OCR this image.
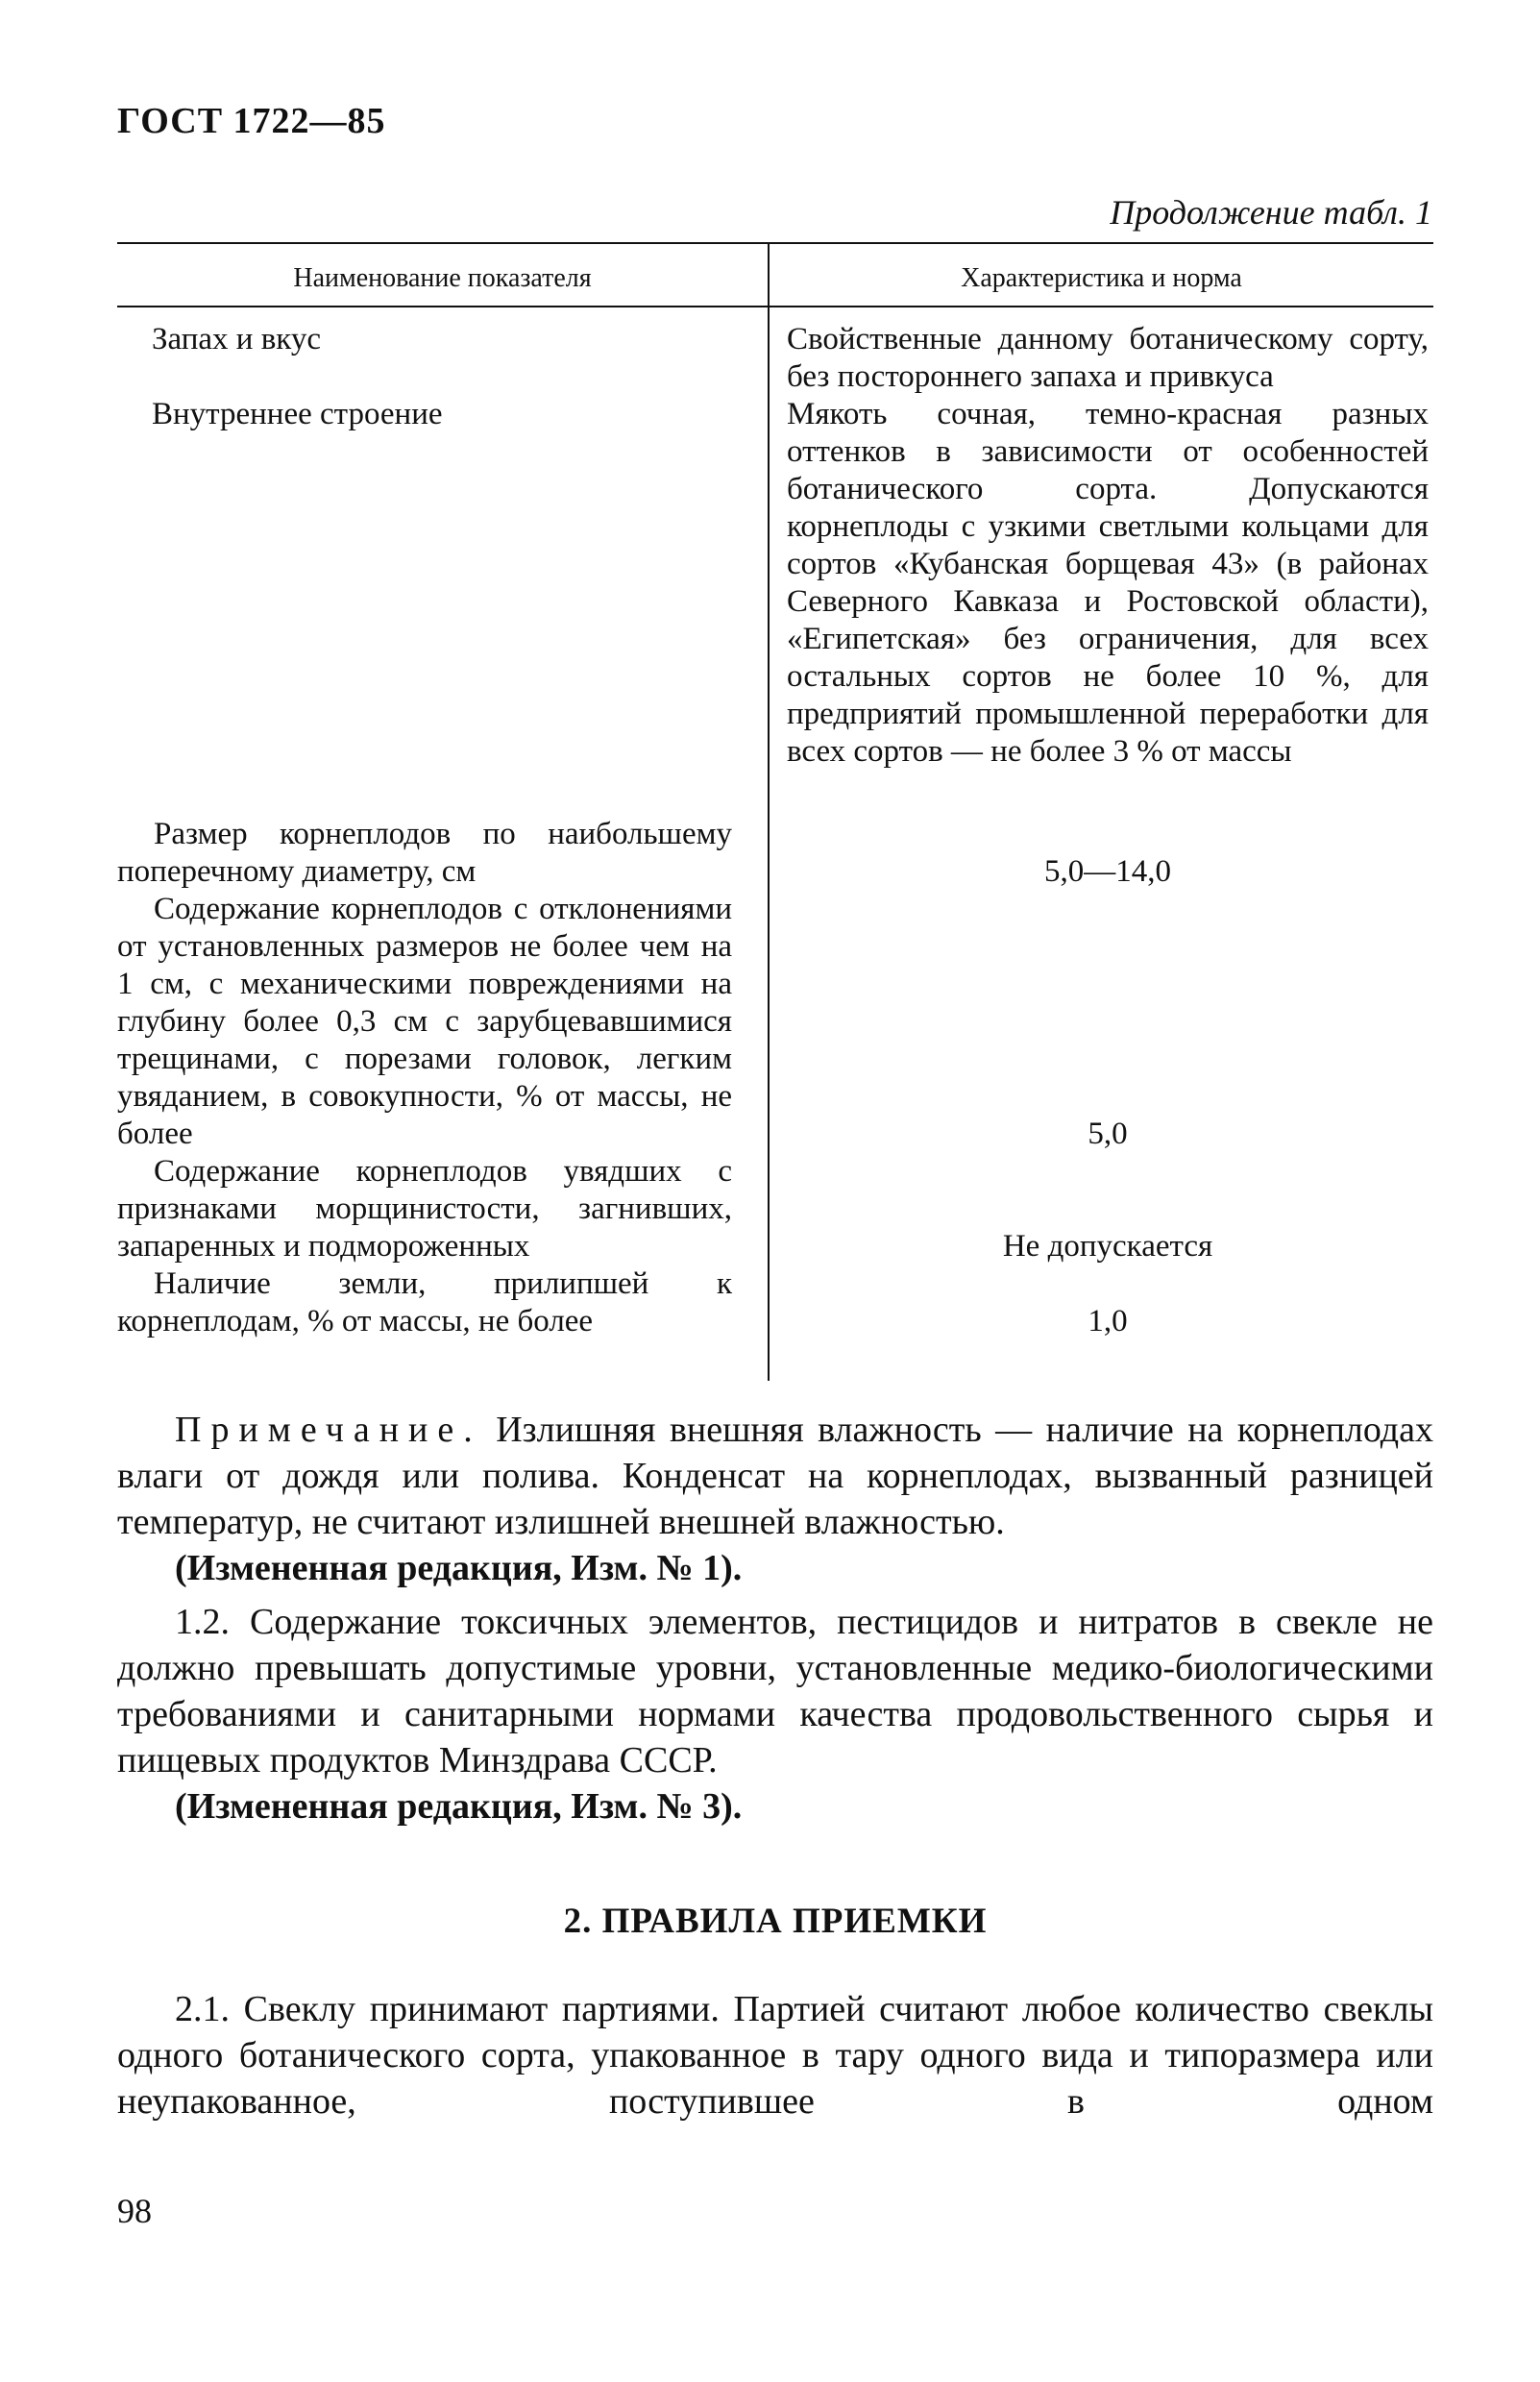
ГОСТ 1722—85
Продолжение табл. 1
Наименование показателя	Характеристика и норма
Запах и вкус	Свойственные данному ботаническому сорту, без постороннего запаха и привкуса
Внутреннее строение	Мякоть сочная, темно-красная разных оттенков в зависимости от особенностей ботанического сорта. Допускаются корнеплоды с узкими светлыми кольцами для сортов «Кубанская борщевая 43» (в районах Северного Кавказа и Ростовской области), «Египетская» без ограничения, для всех остальных сортов не более 10 %, для предприятий промышленной переработки для всех сортов — не более 3 % от массы
Размер корнеплодов по наибольшему поперечному диаметру, см	5,0—14,0
Содержание корнеплодов с отклонениями от установленных размеров не более чем на 1 см, с механическими повреждениями на глубину более 0,3 см с зарубцевавшимися трещинами, с порезами головок, легким увяданием, в совокупности, % от массы, не более	5,0
Содержание корнеплодов увядших с признаками морщинистости, загнивших, запаренных и подмороженных	Не допускается
Наличие земли, прилипшей к корнеплодам, % от массы, не более	1,0

Примечание. Излишняя внешняя влажность — наличие на корнеплодах влаги от дождя или полива. Конденсат на корнеплодах, вызванный разницей температур, не считают излишней внешней влажностью.

(Измененная редакция, Изм. № 1).

1.2. Содержание токсичных элементов, пестицидов и нитратов в свекле не должно превышать допустимые уровни, установленные медико-биологическими требованиями и санитарными нормами качества продовольственного сырья и пищевых продуктов Минздрава СССР.

(Измененная редакция, Изм. № 3).

2. ПРАВИЛА ПРИЕМКИ

2.1. Свеклу принимают партиями. Партией считают любое количество свеклы одного ботанического сорта, упакованное в тару одного вида и типоразмера или неупакованное, поступившее в одном

98
